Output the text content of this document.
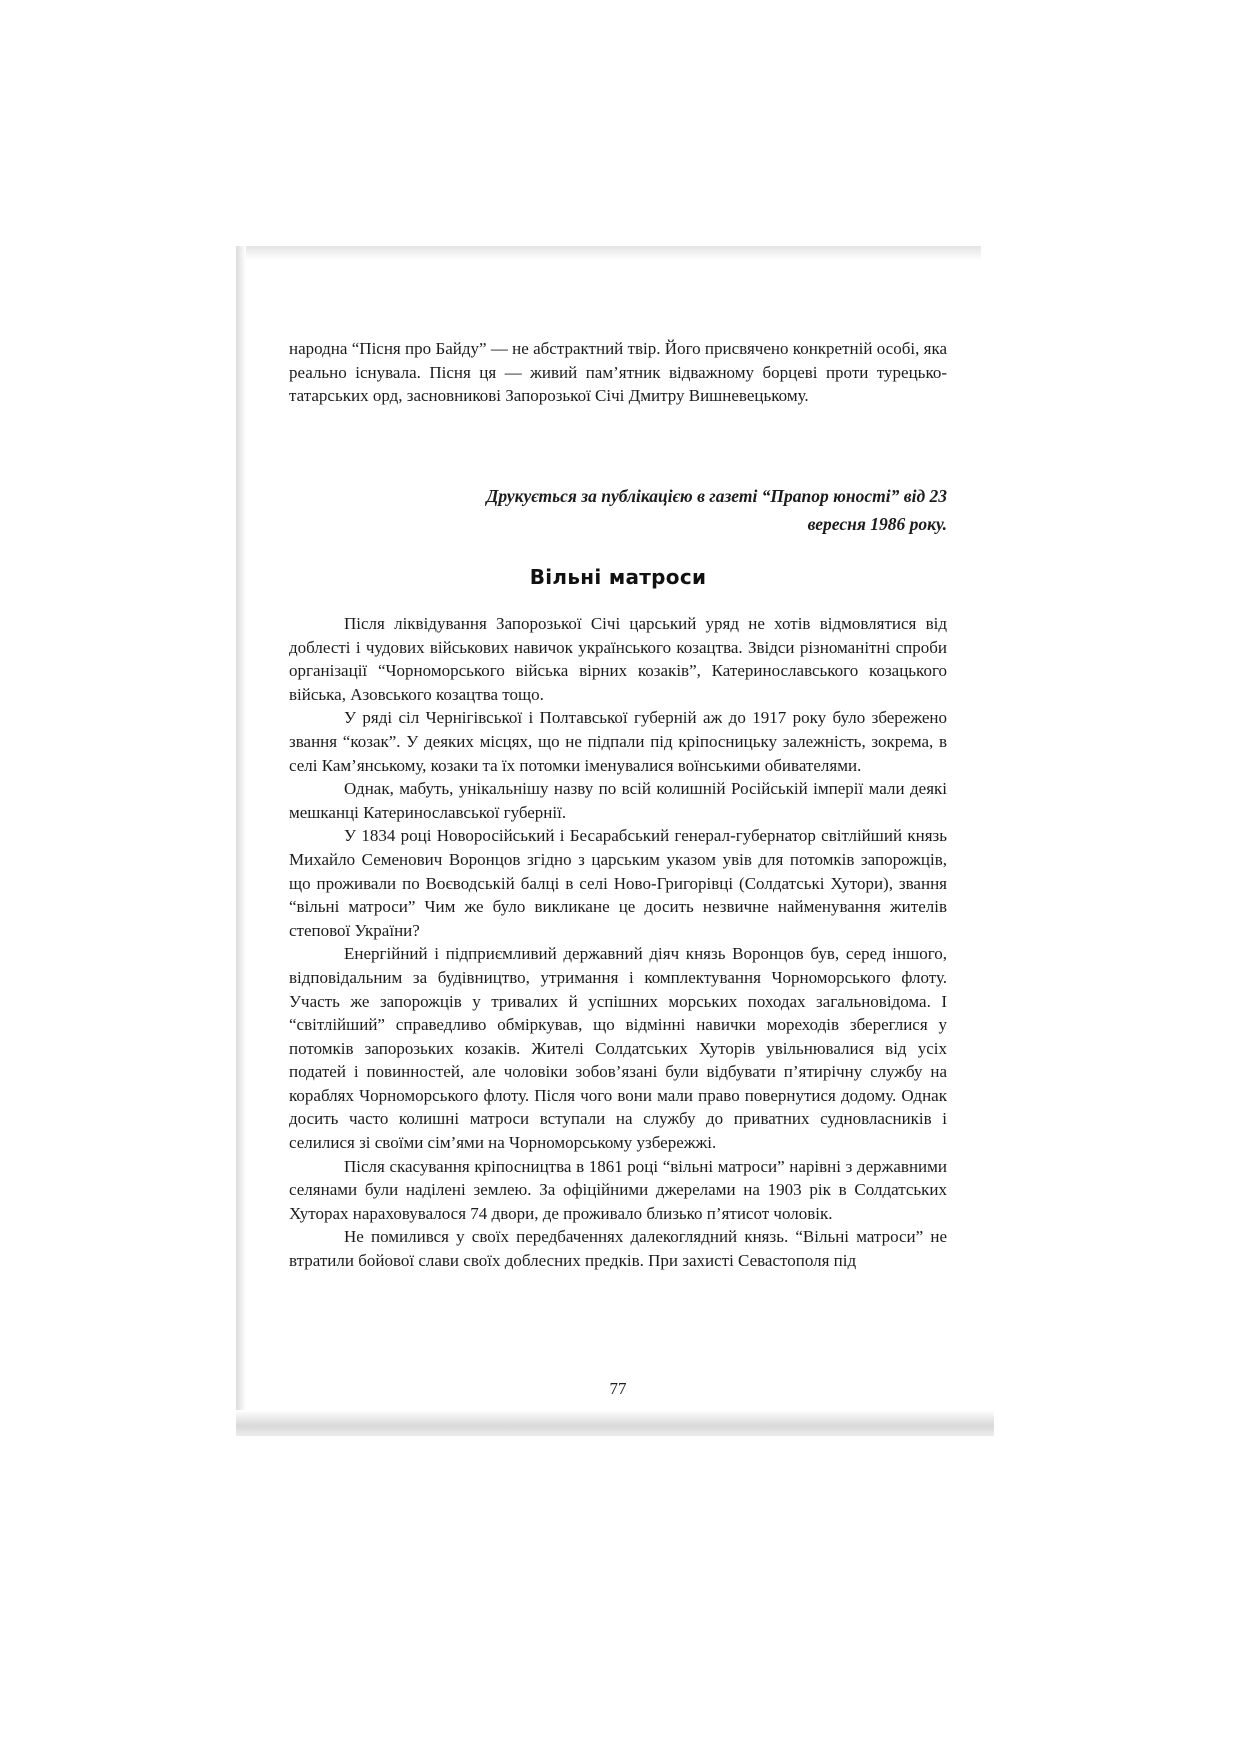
народна “Пісня про Байду” — не абстрактний твір. Його присвячено конкретній особі, яка реально існувала. Пісня ця — живий пам’ятник відважному борцеві проти турецько-татарських орд, засновникові Запорозької Січі Дмитру Вишневецькому.

Друкується за публікацією в газеті “Прапор юності” від 23
вересня 1986 року.
Вільні матроси

Після ліквідування Запорозької Січі царський уряд не хотів відмовлятися від доблесті і чудових військових навичок українського козацтва. Звідси різноманітні спроби організації “Чорноморського війська вірних козаків”, Катеринославського козацького війська, Азовського козацтва тощо.

У ряді сіл Чернігівської і Полтавської губерній аж до 1917 року було збережено звання “козак”. У деяких місцях, що не підпали під кріпосницьку залежність, зокрема, в селі Кам’янському, козаки та їх потомки іменувалися воїнськими обивателями.

Однак, мабуть, унікальнішу назву по всій колишній Російській імперії мали деякі мешканці Катеринославської губернії.

У 1834 році Новоросійський і Бесарабський генерал-губернатор світлійший князь Михайло Семенович Воронцов згідно з царським указом увів для потомків запорожців, що проживали по Воєводській балці в селі Ново-Григорівці (Солдатські Хутори), звання “вільні матроси” Чим же було викликане це досить незвичне найменування жителів степової України?

Енергійний і підприємливий державний діяч князь Воронцов був, серед іншого, відповідальним за будівництво, утримання і комплектування Чорноморського флоту. Участь же запорожців у тривалих й успішних морських походах загальновідома. І “світлійший” справедливо обміркував, що відмінні навички мореходів збереглися у потомків запорозьких козаків. Жителі Солдатських Хуторів увільнювалися від усіх податей і повинностей, але чоловіки зобов’язані були відбувати п’ятирічну службу на кораблях Чорноморського флоту. Після чого вони мали право повернутися додому. Однак досить часто колишні матроси вступали на службу до приватних судновласників і селилися зі своїми сім’ями на Чорноморському узбережжі.

Після скасування кріпосництва в 1861 році “вільні матроси” нарівні з державними селянами були наділені землею. За офіційними джерелами на 1903 рік в Солдатських Хуторах нараховувалося 74 двори, де проживало близько п’ятисот чоловік.

Не помилився у своїх передбаченнях далекоглядний князь. “Вільні матроси” не втратили бойової слави своїх доблесних предків. При захисті Севастополя під

77
